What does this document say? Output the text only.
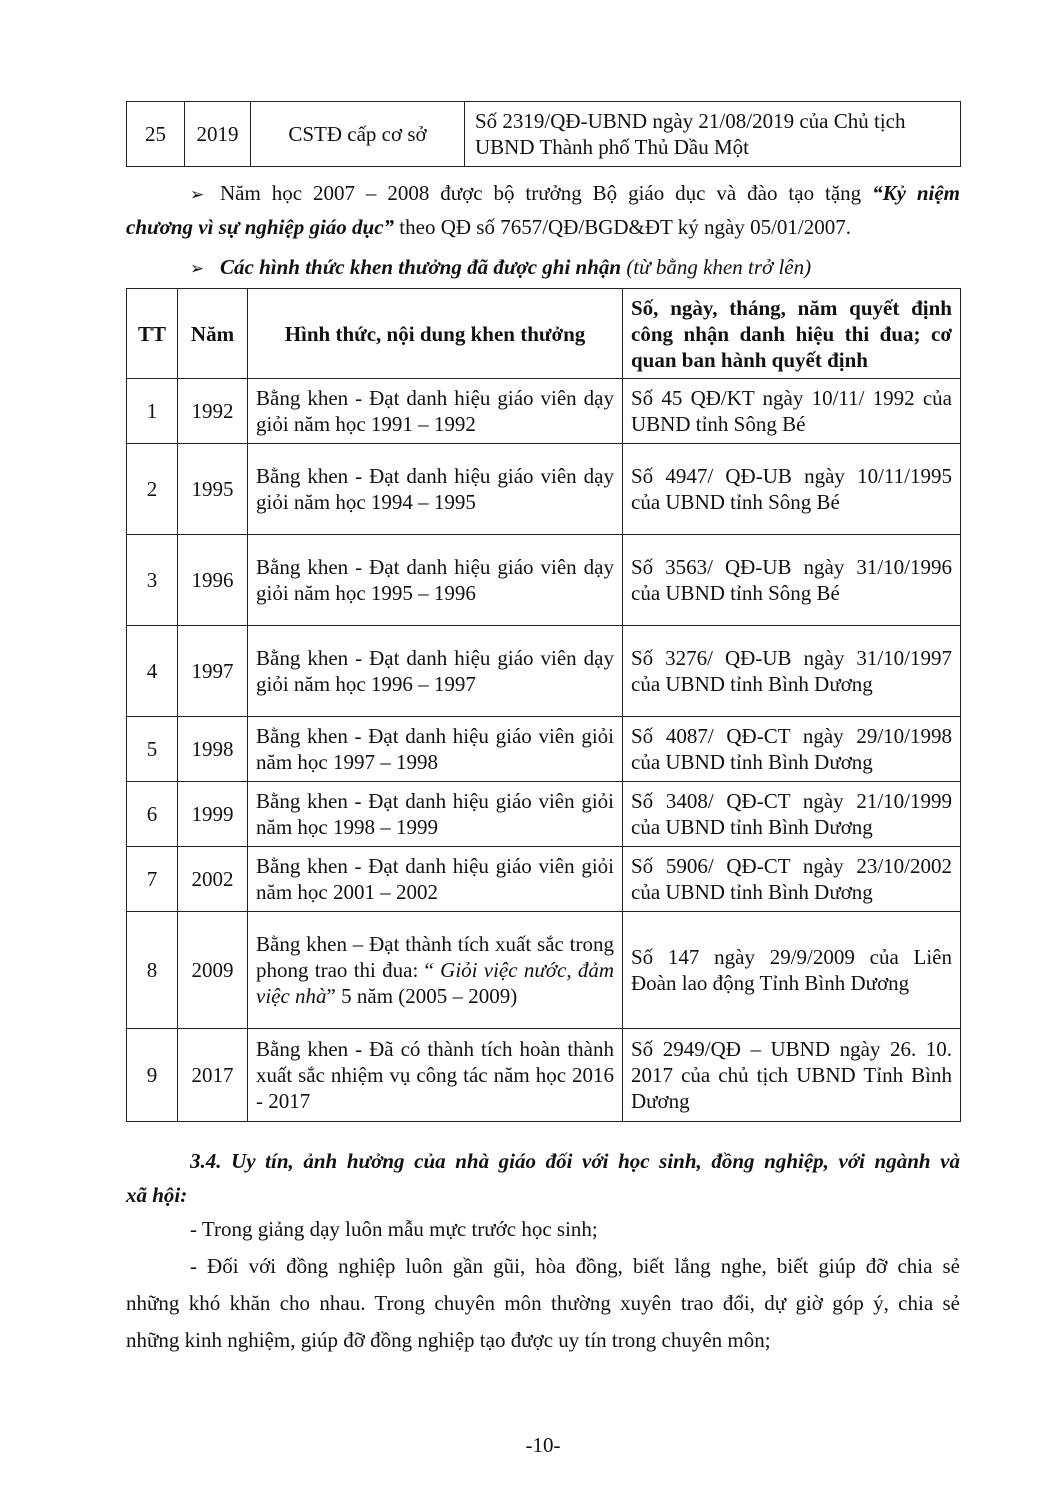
25	2019	CSTĐ cấp cơ sở	Số 2319/QĐ-UBND ngày 21/08/2019 của Chủ tịch UBND Thành phố Thủ Dầu Một
➢ Năm học 2007 – 2008 được bộ trưởng Bộ giáo dục và đào tạo tặng “Kỷ niệm
chương vì sự nghiệp giáo dục” theo QĐ số 7657/QĐ/BGD&ĐT ký ngày 05/01/2007.
➢ Các hình thức khen thưởng đã được ghi nhận (từ bằng khen trở lên)
TT	Năm	Hình thức, nội dung khen thưởng	Số, ngày, tháng, năm quyết định công nhận danh hiệu thi đua; cơ quan ban hành quyết định
1	1992	Bằng khen - Đạt danh hiệu giáo viên dạy giỏi năm học 1991 – 1992	Số 45 QĐ/KT ngày 10/11/ 1992 của UBND tỉnh Sông Bé
2	1995	Bằng khen - Đạt danh hiệu giáo viên dạy giỏi năm học 1994 – 1995	Số 4947/ QĐ-UB ngày 10/11/1995 của UBND tỉnh Sông Bé
3	1996	Bằng khen - Đạt danh hiệu giáo viên dạy giỏi năm học 1995 – 1996	Số 3563/ QĐ-UB ngày 31/10/1996 của UBND tỉnh Sông Bé
4	1997	Bằng khen - Đạt danh hiệu giáo viên dạy giỏi năm học 1996 – 1997	Số 3276/ QĐ-UB ngày 31/10/1997 của UBND tỉnh Bình Dương
5	1998	Bằng khen - Đạt danh hiệu giáo viên giỏi năm học 1997 – 1998	Số 4087/ QĐ-CT ngày 29/10/1998 của UBND tỉnh Bình Dương
6	1999	Bằng khen - Đạt danh hiệu giáo viên giỏi năm học 1998 – 1999	Số 3408/ QĐ-CT ngày 21/10/1999 của UBND tỉnh Bình Dương
7	2002	Bằng khen - Đạt danh hiệu giáo viên giỏi năm học 2001 – 2002	Số 5906/ QĐ-CT ngày 23/10/2002 của UBND tỉnh Bình Dương
8	2009	Bằng khen – Đạt thành tích xuất sắc trong phong trao thi đua: “ Giỏi việc nước, đảm việc nhà” 5 năm (2005 – 2009)	Số 147 ngày 29/9/2009 của Liên Đoàn lao động Tỉnh Bình Dương
9	2017	Bằng khen - Đã có thành tích hoàn thành xuất sắc nhiệm vụ công tác năm học 2016 - 2017	Số 2949/QĐ – UBND ngày 26. 10. 2017 của chủ tịch UBND Tỉnh Bình Dương
3.4. Uy tín, ảnh hưởng của nhà giáo đối với học sinh, đồng nghiệp, với ngành và
xã hội:
- Trong giảng dạy luôn mẫu mực trước học sinh;
- Đối với đồng nghiệp luôn gần gũi, hòa đồng, biết lắng nghe, biết giúp đỡ chia sẻ
những khó khăn cho nhau. Trong chuyên môn thường xuyên trao đổi, dự giờ góp ý, chia sẻ
những kinh nghiệm, giúp đỡ đồng nghiệp tạo được uy tín trong chuyên môn;
-10-
